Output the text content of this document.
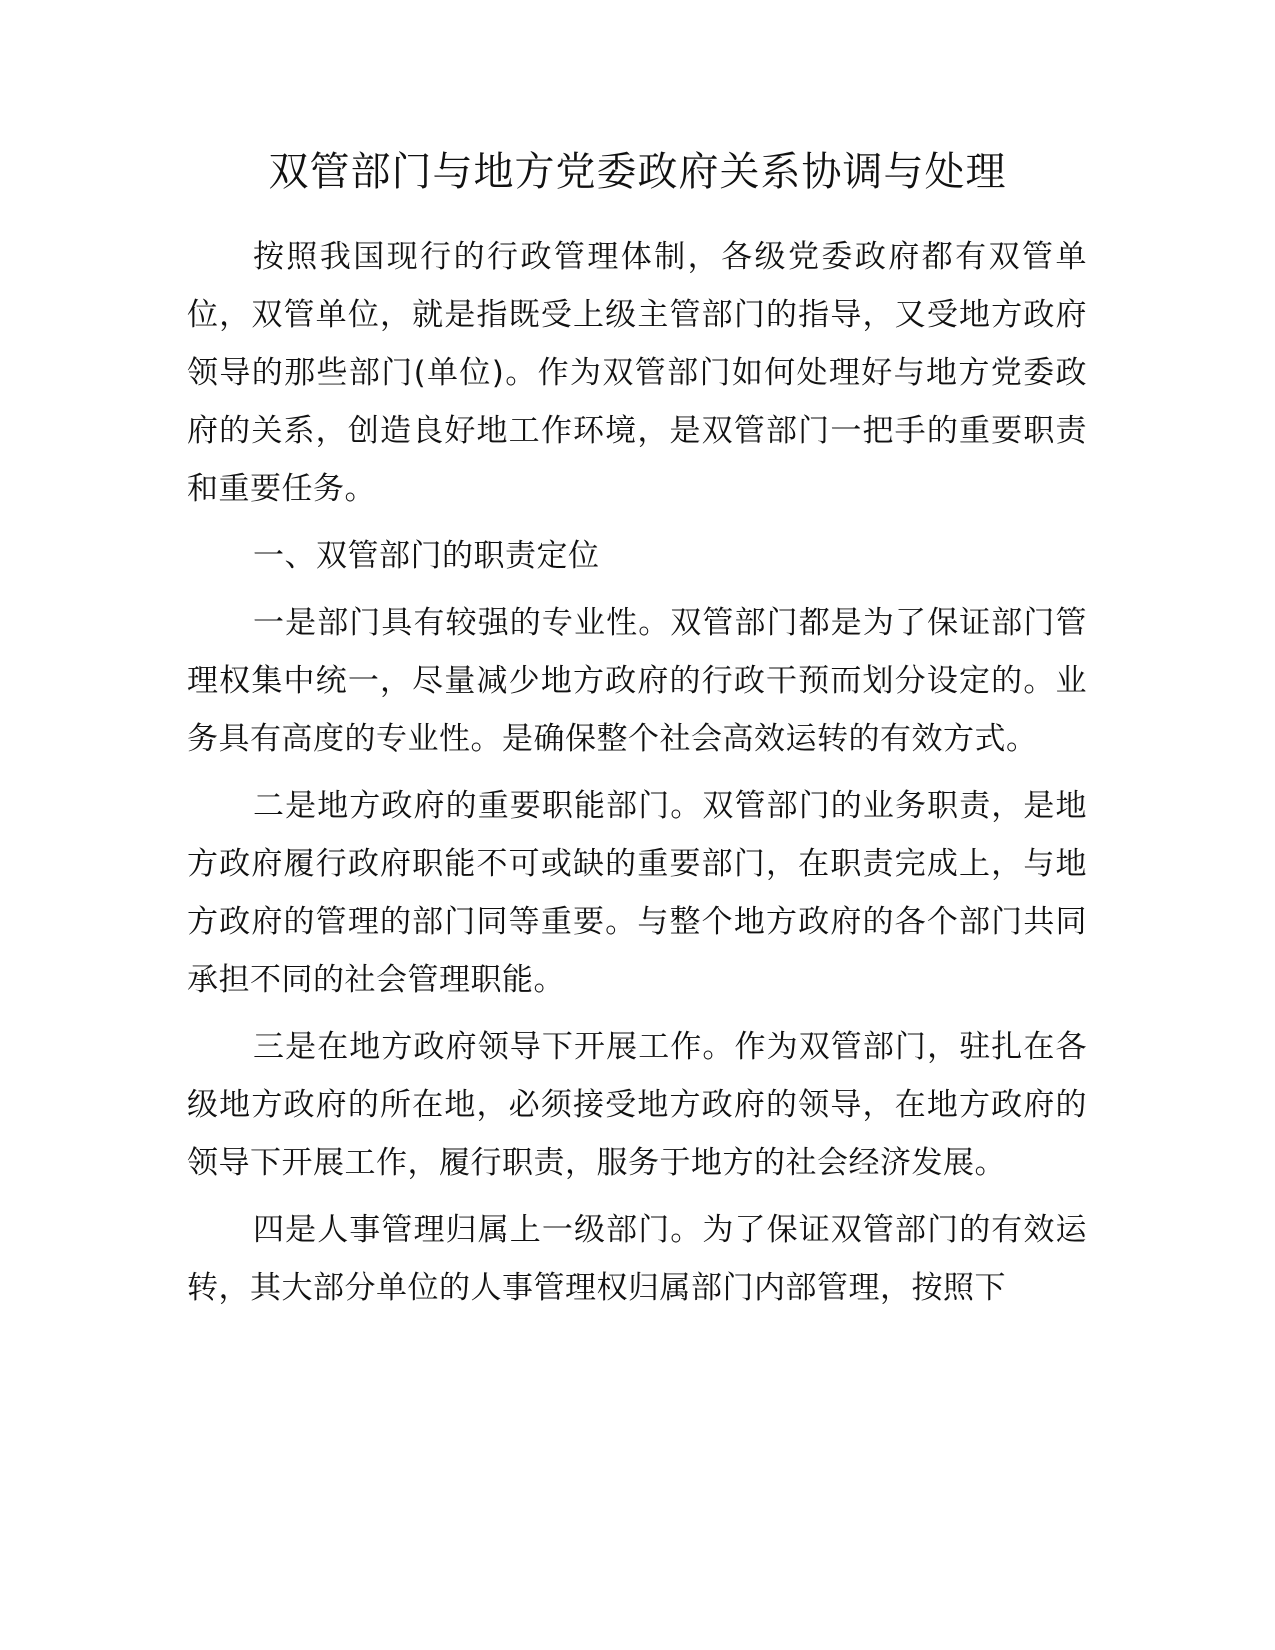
双管部门与地方党委政府关系协调与处理

按照我国现行的行政管理体制，各级党委政府都有双管单位，双管单位，就是指既受上级主管部门的指导，又受地方政府领导的那些部门(单位)。作为双管部门如何处理好与地方党委政府的关系，创造良好地工作环境，是双管部门一把手的重要职责和重要任务。

一、双管部门的职责定位

一是部门具有较强的专业性。双管部门都是为了保证部门管理权集中统一，尽量减少地方政府的行政干预而划分设定的。业务具有高度的专业性。是确保整个社会高效运转的有效方式。

二是地方政府的重要职能部门。双管部门的业务职责，是地方政府履行政府职能不可或缺的重要部门，在职责完成上，与地方政府的管理的部门同等重要。与整个地方政府的各个部门共同承担不同的社会管理职能。

三是在地方政府领导下开展工作。作为双管部门，驻扎在各级地方政府的所在地，必须接受地方政府的领导，在地方政府的领导下开展工作，履行职责，服务于地方的社会经济发展。

四是人事管理归属上一级部门。为了保证双管部门的有效运转，其大部分单位的人事管理权归属部门内部管理，按照下
